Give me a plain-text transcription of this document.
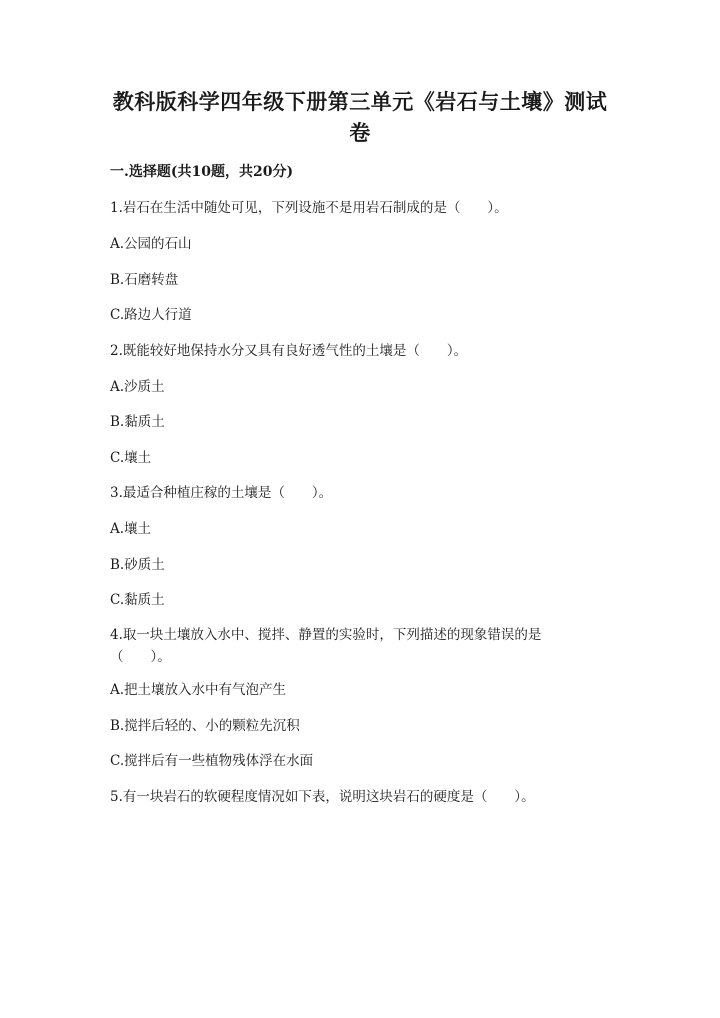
教科版科学四年级下册第三单元《岩石与土壤》测试卷
一.选择题(共10题，共20分)
1.岩石在生活中随处可见，下列设施不是用岩石制成的是（　　）。
A.公园的石山
B.石磨转盘
C.路边人行道
2.既能较好地保持水分又具有良好透气性的土壤是（　　）。
A.沙质土
B.黏质土
C.壤土
3.最适合种植庄稼的土壤是（　　）。
A.壤土
B.砂质土
C.黏质土
4.取一块土壤放入水中、搅拌、静置的实验时，下列描述的现象错误的是（　　）。
A.把土壤放入水中有气泡产生
B.搅拌后轻的、小的颗粒先沉积
C.搅拌后有一些植物残体浮在水面
5.有一块岩石的软硬程度情况如下表，说明这块岩石的硬度是（　　）。
